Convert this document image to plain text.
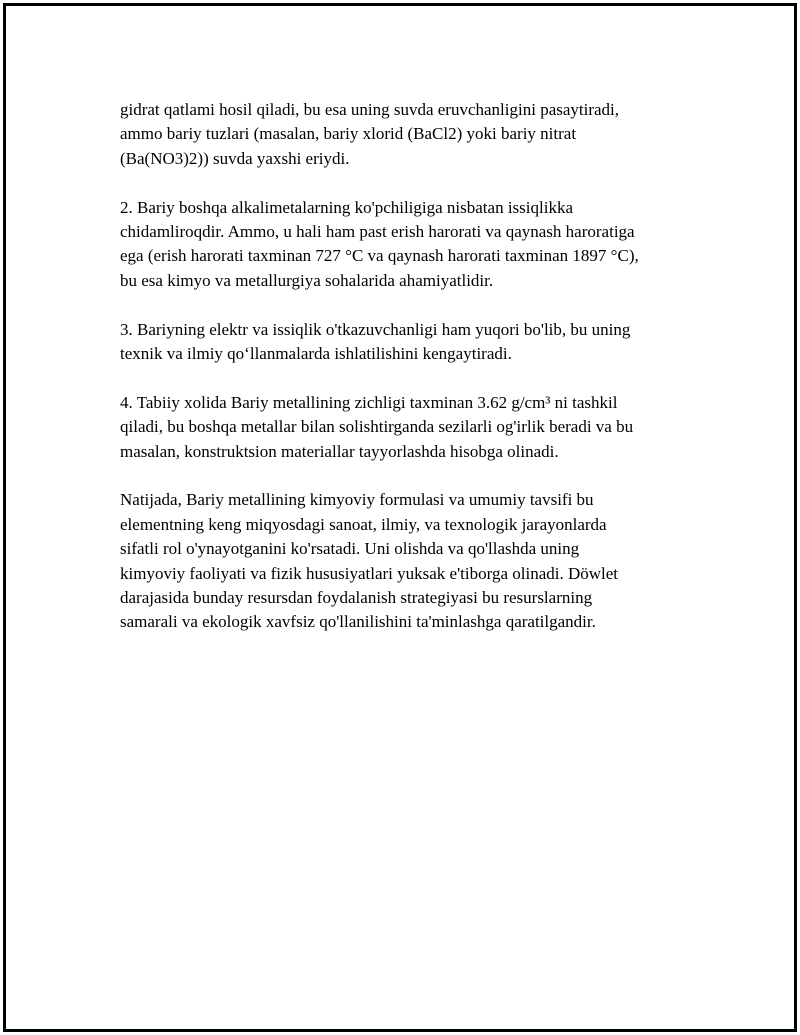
gidrat qatlami hosil qiladi, bu esa uning suvda eruvchanligini pasaytiradi,
ammo bariy tuzlari (masalan, bariy xlorid (BaCl2) yoki bariy nitrat
(Ba(NO3)2)) suvda yaxshi eriydi.

2. Bariy boshqa alkalimetalarning ko'pchiligiga nisbatan issiqlikka
chidamliroqdir. Ammo, u hali ham past erish harorati va qaynash haroratiga
ega (erish harorati taxminan 727 °C va qaynash harorati taxminan 1897 °C),
bu esa kimyo va metallurgiya sohalarida ahamiyatlidir.

3. Bariyning elektr va issiqlik o'tkazuvchanligi ham yuqori bo'lib, bu uning
texnik va ilmiy qo‘llanmalarda ishlatilishini kengaytiradi.

4. Tabiiy xolida Bariy metallining zichligi taxminan 3.62 g/cm³ ni tashkil
qiladi, bu boshqa metallar bilan solishtirganda sezilarli og'irlik beradi va bu
masalan, konstruktsion materiallar tayyorlashda hisobga olinadi.

Natijada, Bariy metallining kimyoviy formulasi va umumiy tavsifi bu
elementning keng miqyosdagi sanoat, ilmiy, va texnologik jarayonlarda
sifatli rol o'ynayotganini ko'rsatadi. Uni olishda va qo'llashda uning
kimyoviy faoliyati va fizik hususiyatlari yuksak e'tiborga olinadi. Döwlet
darajasida bunday resursdan foydalanish strategiyasi bu resurslarning
samarali va ekologik xavfsiz qo'llanilishini ta'minlashga qaratilgandir.
